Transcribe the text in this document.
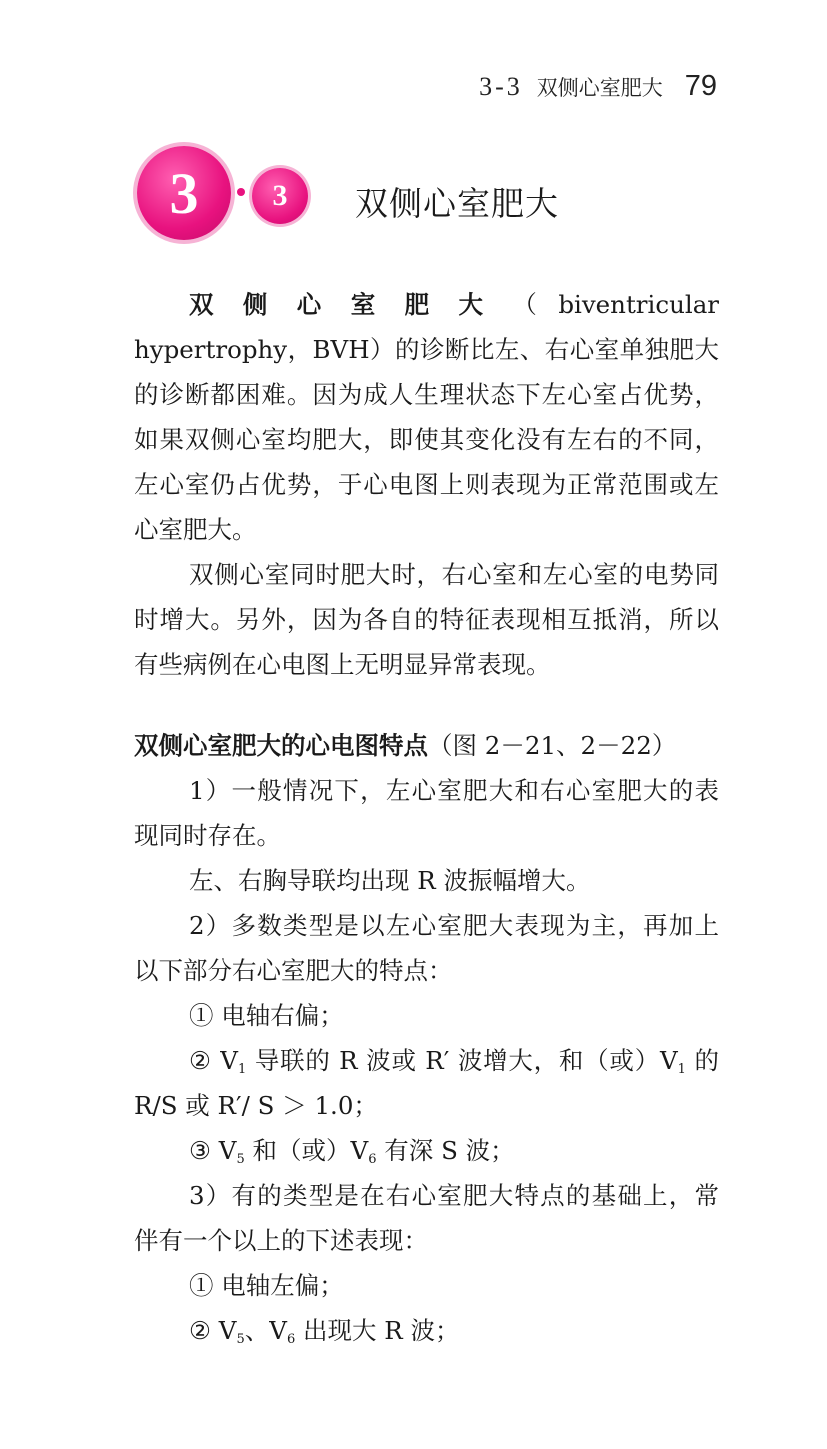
3-3 双侧心室肥大 79
3 3 双侧心室肥大

双侧心室肥大（biventricular hypertrophy，BVH）的诊断比左、右心室单独肥大的诊断都困难。因为成人生理状态下左心室占优势，如果双侧心室均肥大，即使其变化没有左右的不同，左心室仍占优势，于心电图上则表现为正常范围或左心室肥大。

双侧心室同时肥大时，右心室和左心室的电势同时增大。另外，因为各自的特征表现相互抵消，所以有些病例在心电图上无明显异常表现。

双侧心室肥大的心电图特点（图 2－21、2－22）

1）一般情况下，左心室肥大和右心室肥大的表现同时存在。

左、右胸导联均出现 R 波振幅增大。

2）多数类型是以左心室肥大表现为主，再加上以下部分右心室肥大的特点：

① 电轴右偏；

② $V_1$ 导联的 R 波或 R′ 波增大，和（或）$V_1$ 的 R/S 或 R′/ S ＞ 1.0；

③ $V_5$ 和（或）$V_6$ 有深 S 波；

3）有的类型是在右心室肥大特点的基础上，常伴有一个以上的下述表现：

① 电轴左偏；

② $V_5$、$V_6$ 出现大 R 波；
